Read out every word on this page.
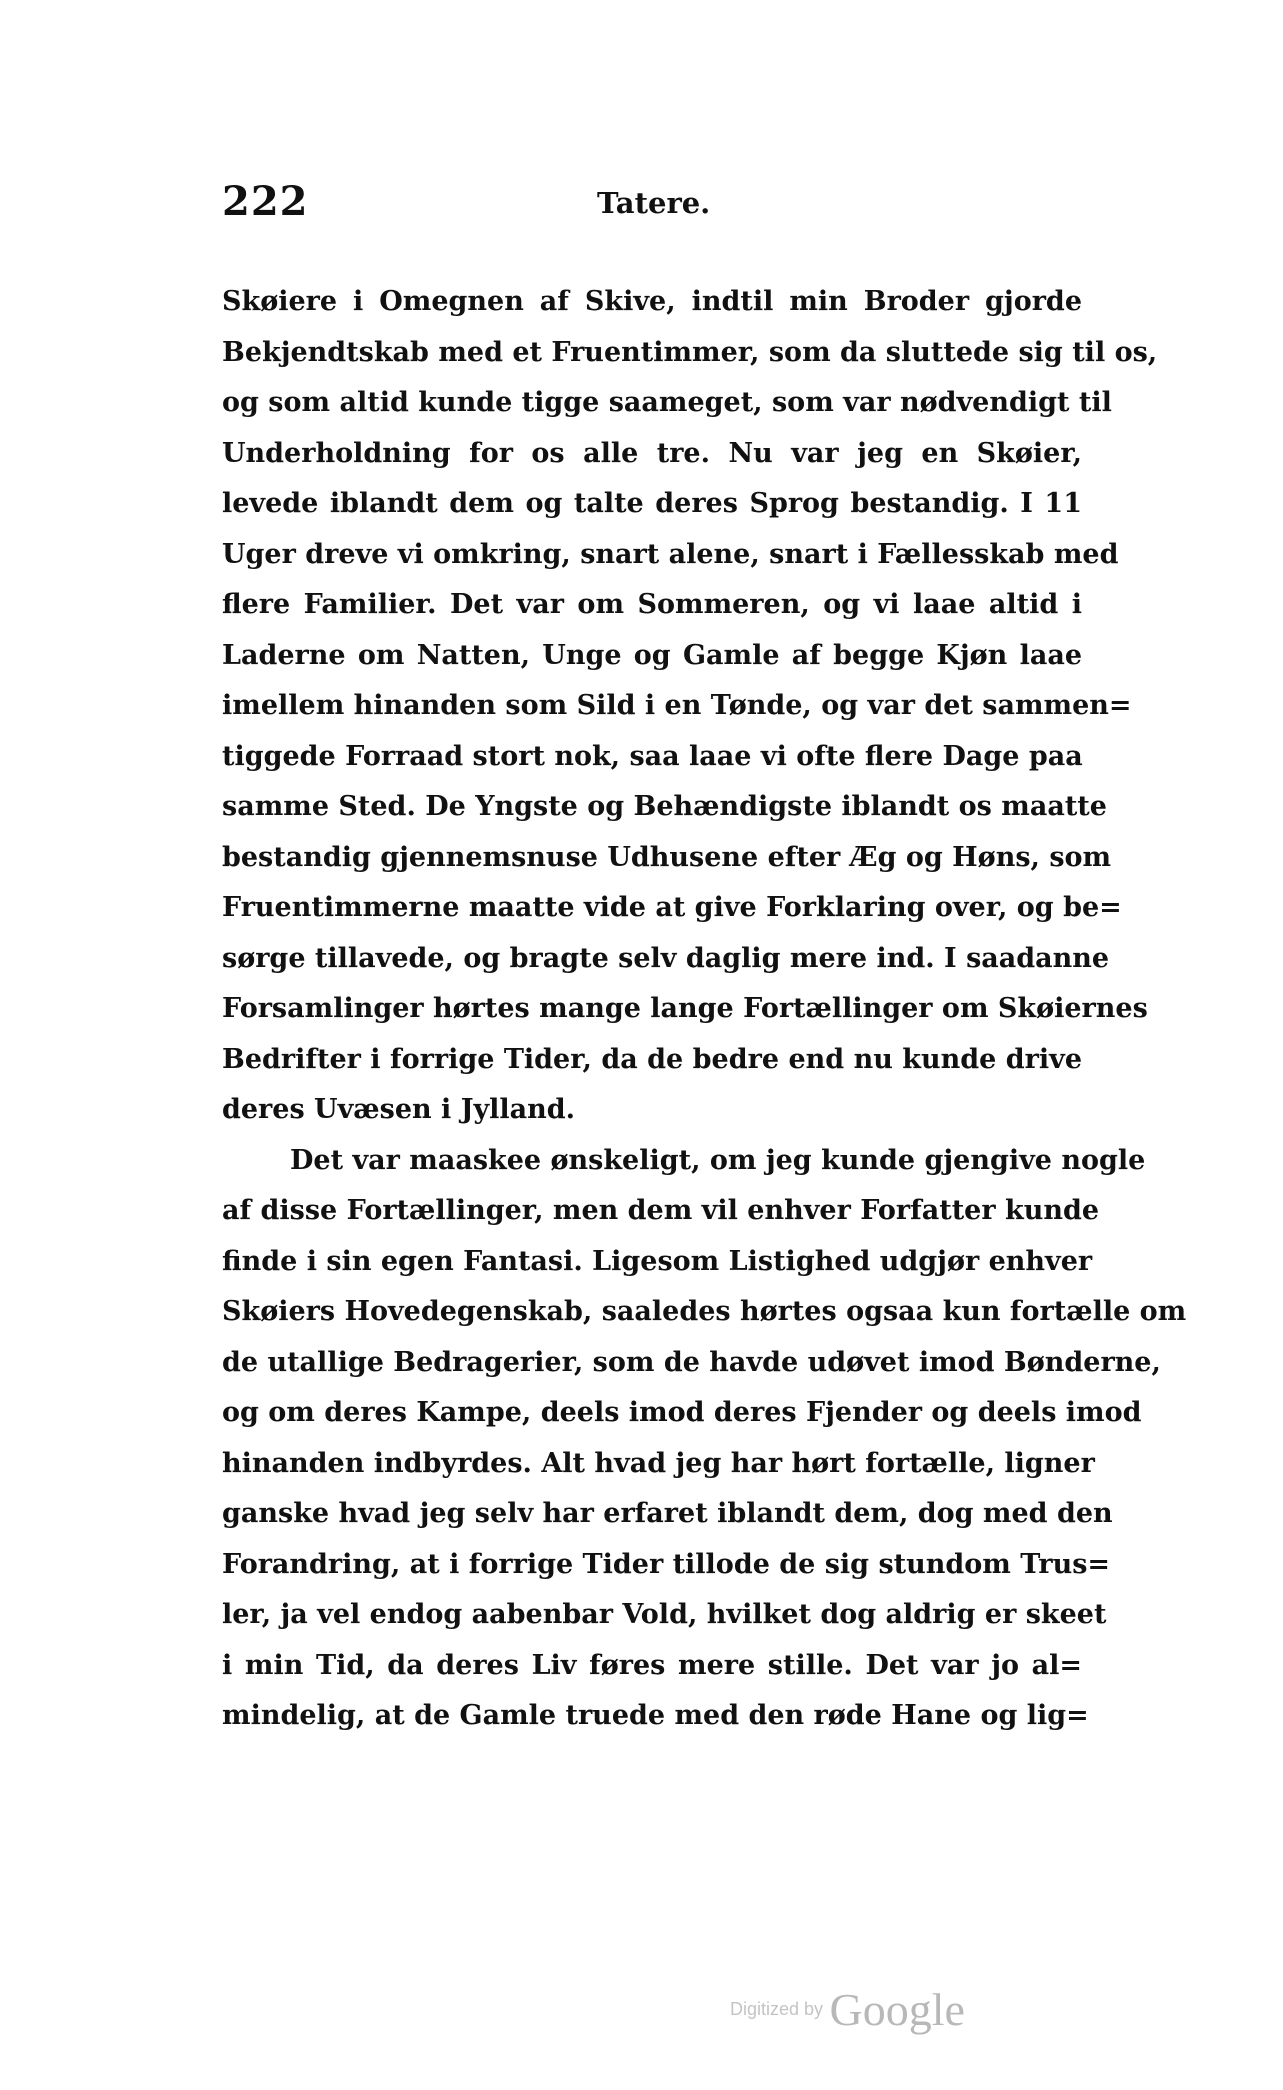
222	Tatere.
Skøiere i Omegnen af Skive, indtil min Broder gjorde
Bekjendtskab med et Fruentimmer, som da sluttede sig til os,
og som altid kunde tigge saameget, som var nødvendigt til
Underholdning for os alle tre. Nu var jeg en Skøier,
levede iblandt dem og talte deres Sprog bestandig. I 11
Uger dreve vi omkring, snart alene, snart i Fællesskab med
flere Familier. Det var om Sommeren, og vi laae altid i
Laderne om Natten, Unge og Gamle af begge Kjøn laae
imellem hinanden som Sild i en Tønde, og var det sammen=
tiggede Forraad stort nok, saa laae vi ofte flere Dage paa
samme Sted. De Yngste og Behændigste iblandt os maatte
bestandig gjennemsnuse Udhusene efter Æg og Høns, som
Fruentimmerne maatte vide at give Forklaring over, og be=
sørge tillavede, og bragte selv daglig mere ind. I saadanne
Forsamlinger hørtes mange lange Fortællinger om Skøiernes
Bedrifter i forrige Tider, da de bedre end nu kunde drive
deres Uvæsen i Jylland.
Det var maaskee ønskeligt, om jeg kunde gjengive nogle
af disse Fortællinger, men dem vil enhver Forfatter kunde
finde i sin egen Fantasi. Ligesom Listighed udgjør enhver
Skøiers Hovedegenskab, saaledes hørtes ogsaa kun fortælle om
de utallige Bedragerier, som de havde udøvet imod Bønderne,
og om deres Kampe, deels imod deres Fjender og deels imod
hinanden indbyrdes. Alt hvad jeg har hørt fortælle, ligner
ganske hvad jeg selv har erfaret iblandt dem, dog med den
Forandring, at i forrige Tider tillode de sig stundom Trus=
ler, ja vel endog aabenbar Vold, hvilket dog aldrig er skeet
i min Tid, da deres Liv føres mere stille. Det var jo al=
mindelig, at de Gamle truede med den røde Hane og lig=
Digitized by Google
